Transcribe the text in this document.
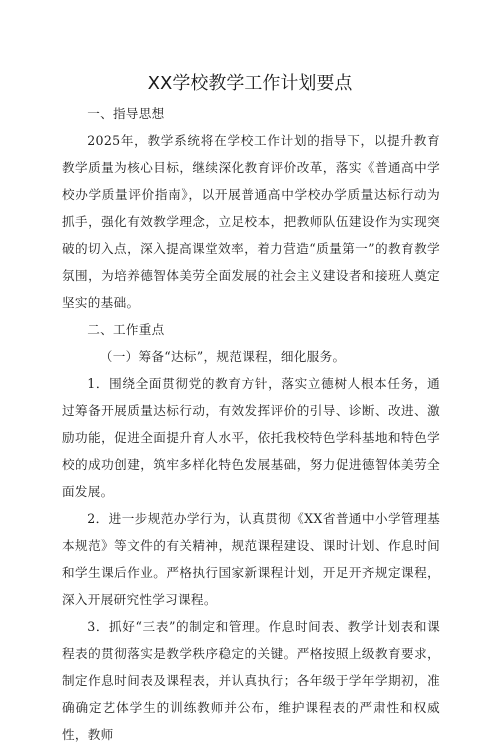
XX学校教学工作计划要点

一、指导思想

2025年，教学系统将在学校工作计划的指导下，以提升教育教学质量为核心目标，继续深化教育评价改革，落实《普通高中学校办学质量评价指南》，以开展普通高中学校办学质量达标行动为抓手，强化有效教学理念，立足校本，把教师队伍建设作为实现突破的切入点，深入提高课堂效率，着力营造“质量第一”的教育教学氛围，为培养德智体美劳全面发展的社会主义建设者和接班人奠定坚实的基础。

二、工作重点

（一）筹备“达标”，规范课程，细化服务。

1．围绕全面贯彻党的教育方针，落实立德树人根本任务，通过筹备开展质量达标行动，有效发挥评价的引导、诊断、改进、激励功能，促进全面提升育人水平，依托我校特色学科基地和特色学校的成功创建，筑牢多样化特色发展基础，努力促进德智体美劳全面发展。

2．进一步规范办学行为，认真贯彻《XX省普通中小学管理基本规范》等文件的有关精神，规范课程建设、课时计划、作息时间和学生课后作业。严格执行国家新课程计划，开足开齐规定课程，深入开展研究性学习课程。

3．抓好“三表”的制定和管理。作息时间表、教学计划表和课程表的贯彻落实是教学秩序稳定的关键。严格按照上级教育要求，制定作息时间表及课程表，并认真执行；各年级于学年学期初，准确确定艺体学生的训练教师并公布，维护课程表的严肃性和权威性，教师
